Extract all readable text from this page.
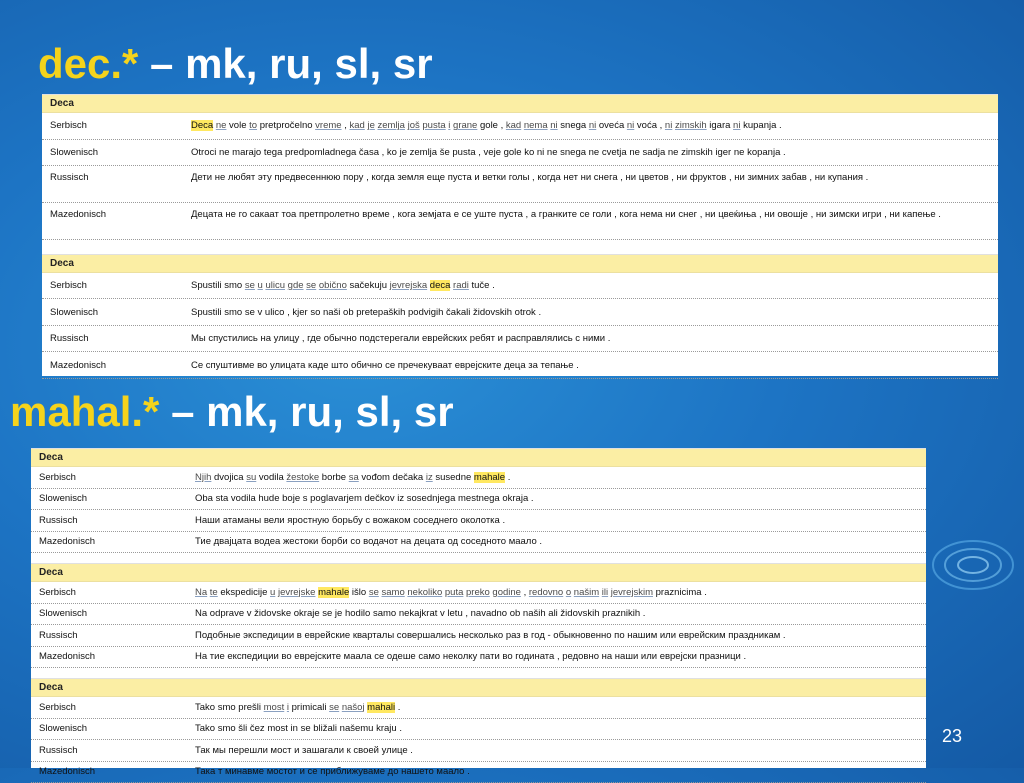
dec.* – mk, ru, sl, sr
Deca
Serbisch	Deca ne vole to pretpročelno vreme , kad je zemlja još pusta i grane gole , kad nema ni snega ni oveća ni voća , ni zimskih igara ni kupanja .
Slowenisch	Otroci ne marajo tega predpomladnega časa , ko je zemlja še pusta , veje gole ko ni ne snega ne cvetja ne sadja ne zimskih iger ne kopanja .
Russisch	Дети не любят эту предвесеннюю пору , когда земля еще пуста и ветки голы , когда нет ни снега , ни цветов , ни фруктов , ни зимних забав , ни купания .
Mazedonisch	Децата не го сакаат тоа претпролетно време , кога земјата е се уште пуста , а гранките се голи , кога нема ни снег , ни цвеќиња , ни овошје , ни зимски игри , ни капење .
Deca
Serbisch	Spustili smo se u ulicu gde se obično sačekuju jevrejska deca radi tuče .
Slowenisch	Spustili smo se v ulico , kjer so naši ob pretepaških podvigih čakali židovskih otrok .
Russisch	Мы спустились на улицу , где обычно подстерегали еврейских ребят и расправлялись с ними .
Mazedonisch	Се спуштивме во улицата каде што обично се пречекуваат еврејските деца за тепање .
mahal.* – mk, ru, sl, sr
Deca
Serbisch	Njih dvojica su vodila žestoke borbe sa vođom dečaka iz susedne mahale .
Slowenisch	Oba sta vodila hude boje s poglavarjem dečkov iz sosednjega mestnega okraja .
Russisch	Наши атаманы вели яростную борьбу с вожаком соседнего околотка .
Mazedonisch	Тие двајцата водеа жестоки борби со водачот на децата од соседното маало .
Deca
Serbisch	Na te ekspedicije u jevrejske mahale išlo se samo nekoliko puta preko godine , redovno o našim ili jevrejskim praznicima .
Slowenisch	Na odprave v židovske okraje se je hodilo samo nekajkrat v letu , navadno ob naših ali židovskih praznikih .
Russisch	Подобные экспедиции в еврейские кварталы совершались несколько раз в год - обыкновенно по нашим или еврейским праздникам .
Mazedonisch	На тие експедиции во еврејските маала се одеше само неколку пати во годината , редовно на наши или еврејски празници .
Deca
Serbisch	Tako smo prešli most i primicali se našoj mahali .
Slowenisch	Tako smo šli čez most in se bližali našemu kraju .
Russisch	Так мы перешли мост и зашагали к своей улице .
Mazedonisch	Така т минавме мостот и се приближуваме до нашето маало .
23
